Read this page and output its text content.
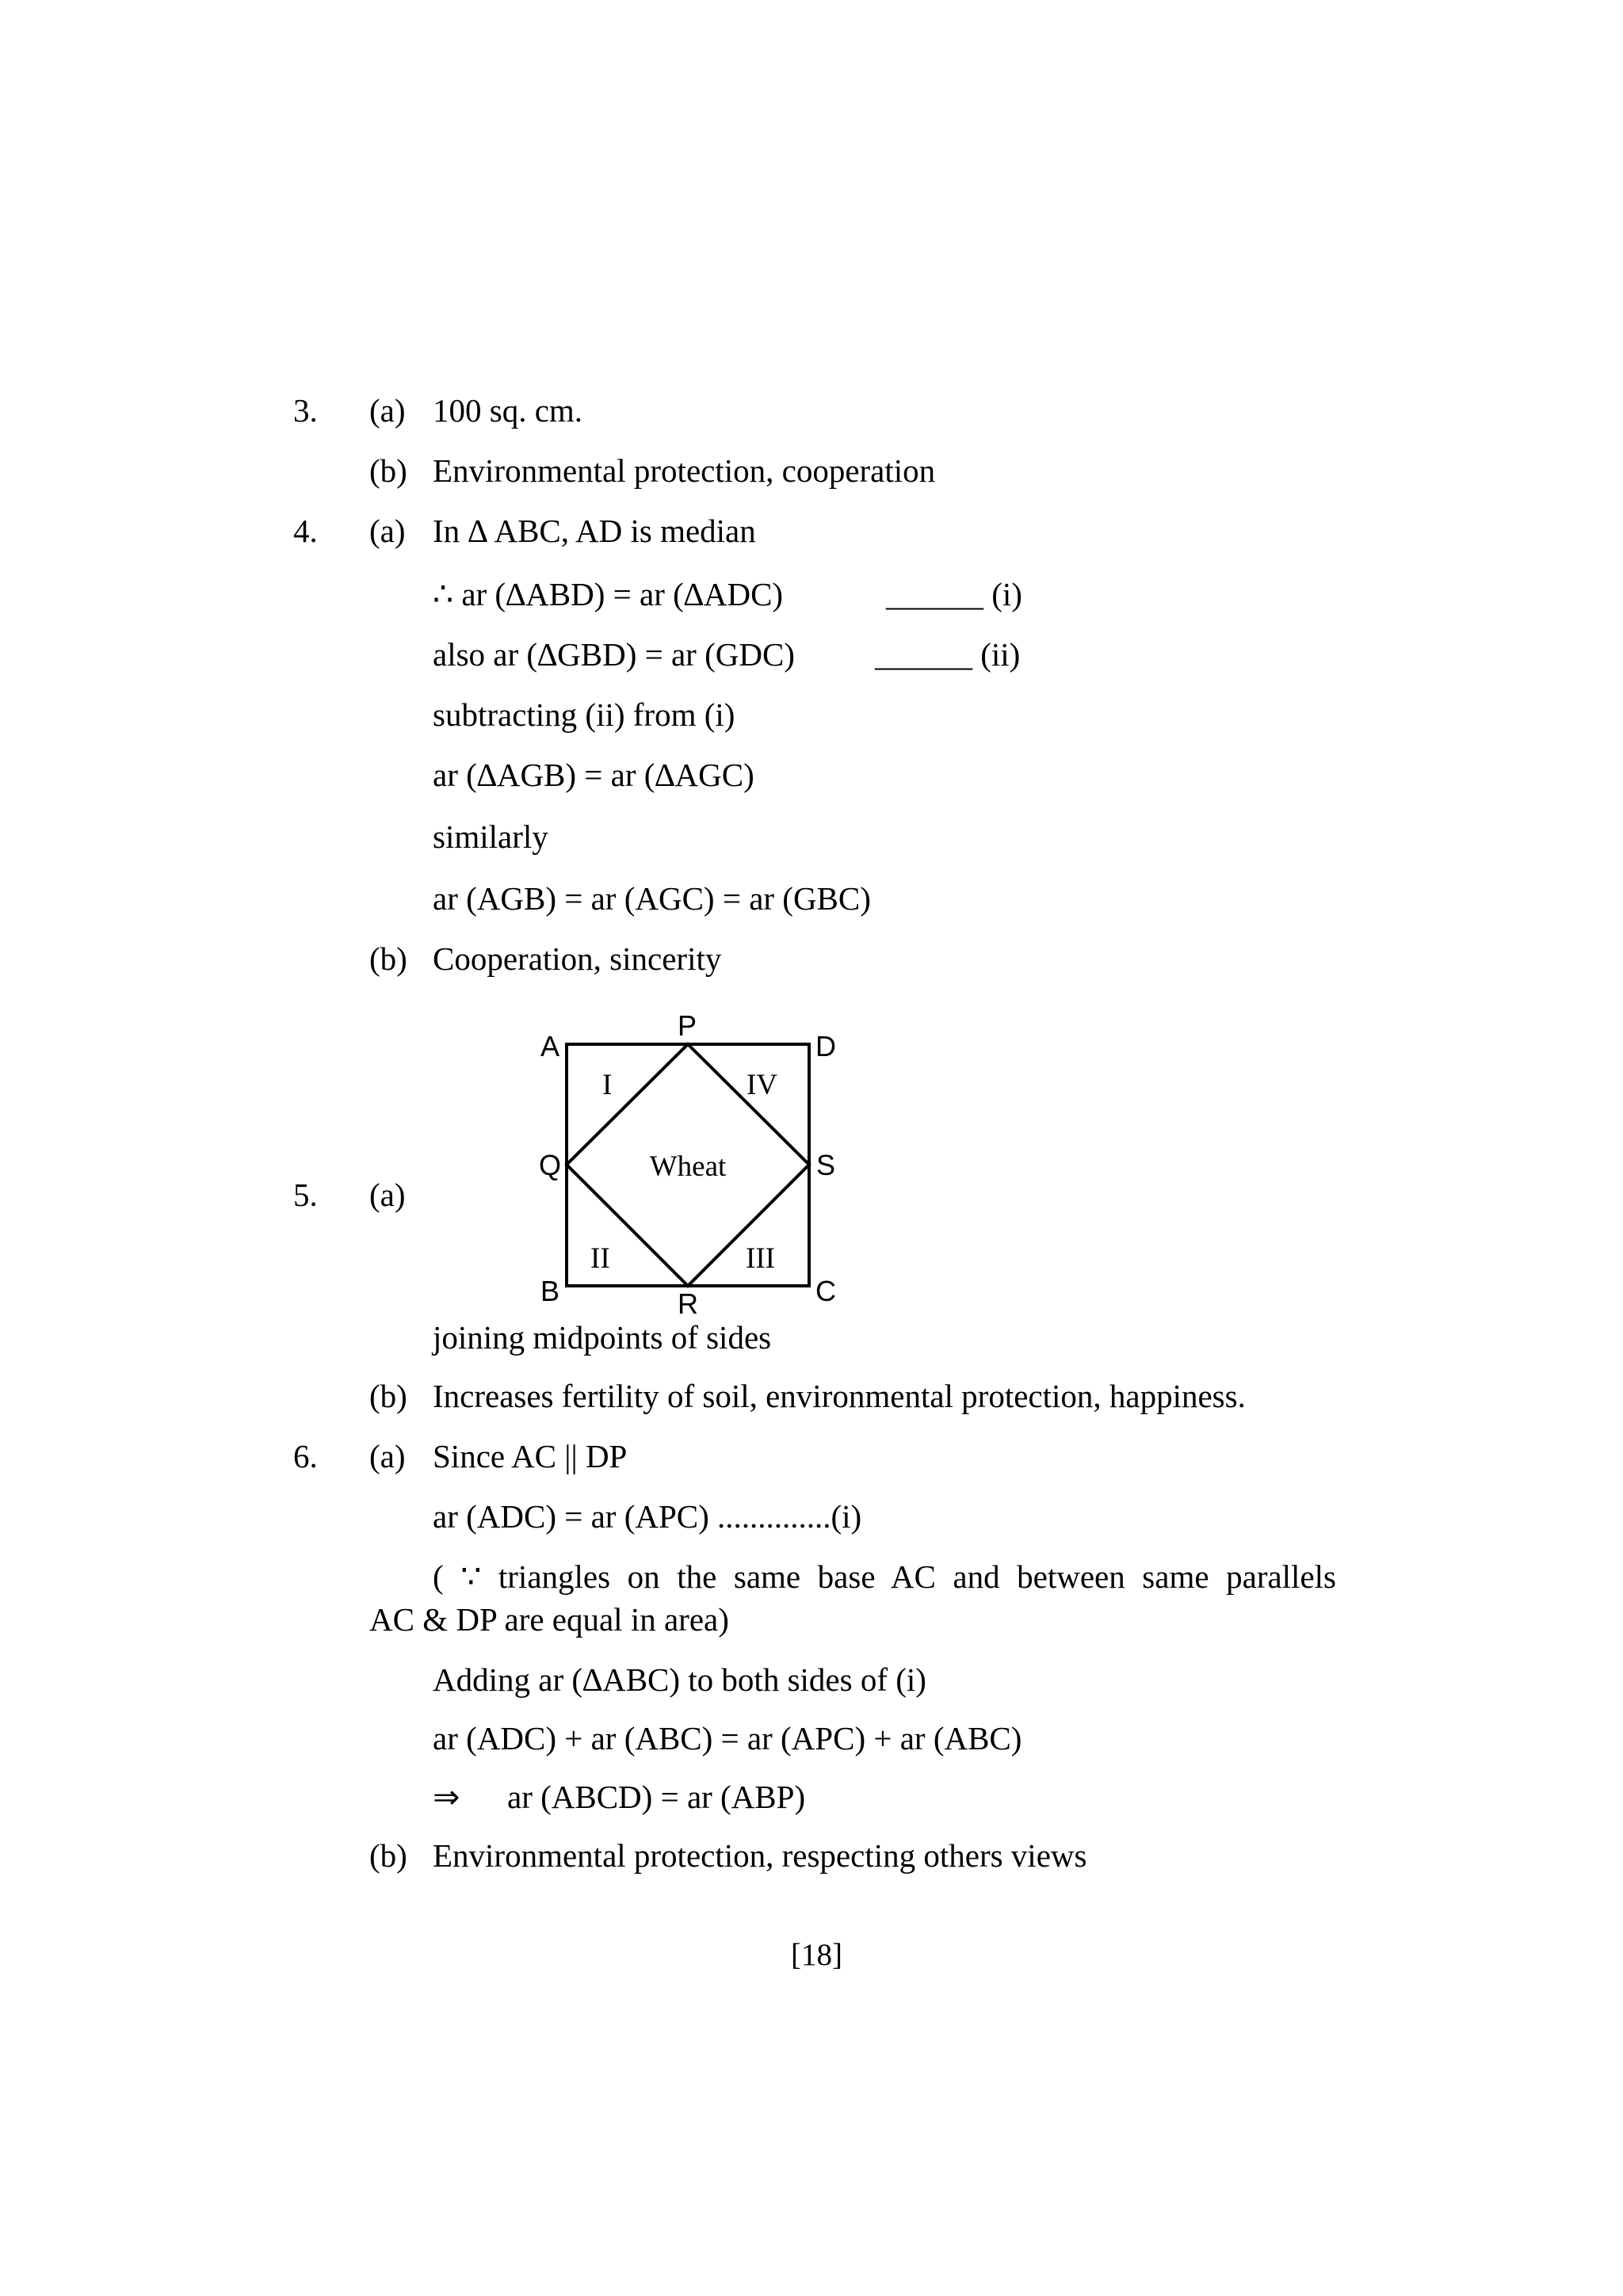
3. (a) 100 sq. cm.
(b) Environmental protection, cooperation
4. (a) In ∆ ABC, AD is median
∴ ar (∆ABD) = ar (∆ADC)	______ (i)
also ar (∆GBD) = ar (GDC) ______ (ii)
subtracting (ii) from (i)
ar (∆AGB) = ar (∆AGC)
similarly
ar (AGB) = ar (AGC) = ar (GBC)
(b) Cooperation, sincerity
5. (a)
A
P
D
Q	S
B	R	C
I	IV
II	III
Wheat
joining midpoints of sides
(b) Increases fertility of soil, environmental protection, happiness.
6. (a) Since AC || DP
ar (ADC) = ar (APC) ..............(i)
( ∵ triangles on the same base AC and between same parallels
AC & DP are equal in area)
Adding ar (∆ABC) to both sides of (i)
ar (ADC) + ar (ABC) = ar (APC) + ar (ABC)
⇒ ar (ABCD) = ar (ABP)
(b) Environmental protection, respecting others views
[18]
